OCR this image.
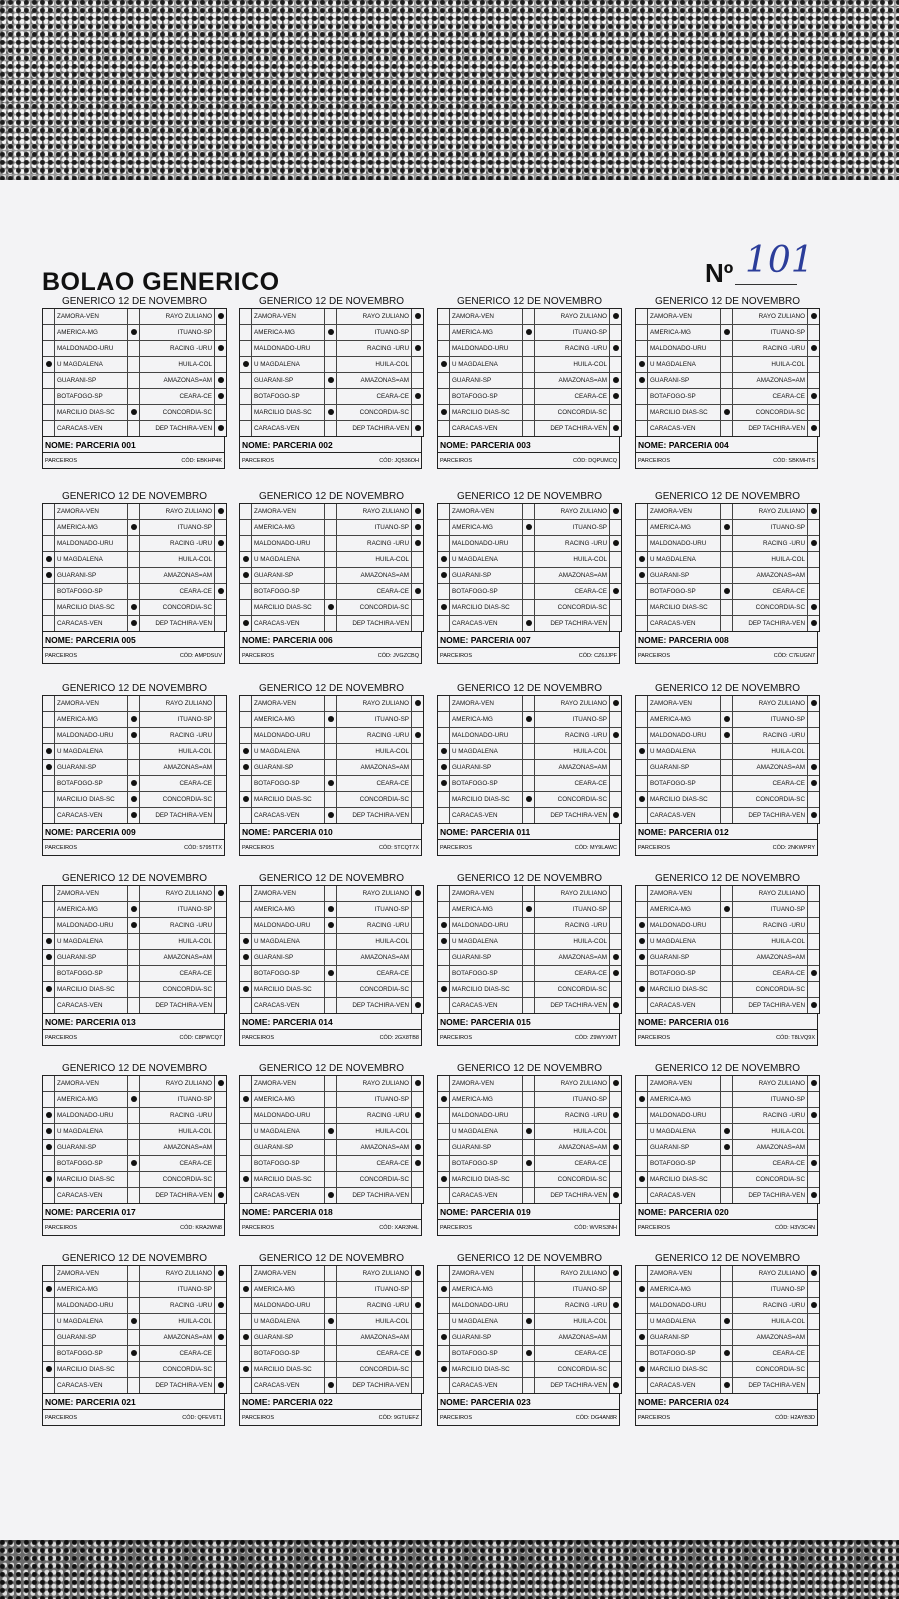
BOLAO GENERICO	Nº 101
GENERICO 12 DE NOVEMBRO
ZAMORA-VEN	RAYO ZULIANO
AMERICA-MG	ITUANO-SP
MALDONADO-URU	RACING -URU
U MAGDALENA	HUILA-COL
GUARANI-SP	AMAZONAS=AM
BOTAFOGO-SP	CEARA-CE
MARCILIO DIAS-SC	CONCORDIA-SC
CARACAS-VEN	DEP TACHIRA-VEN
NOME: PARCERIA 001
PARCEIROS	CÓD: EBKHP4K
GENERICO 12 DE NOVEMBRO
ZAMORA-VEN	RAYO ZULIANO
AMERICA-MG	ITUANO-SP
MALDONADO-URU	RACING -URU
U MAGDALENA	HUILA-COL
GUARANI-SP	AMAZONAS=AM
BOTAFOGO-SP	CEARA-CE
MARCILIO DIAS-SC	CONCORDIA-SC
CARACAS-VEN	DEP TACHIRA-VEN
NOME: PARCERIA 002
PARCEIROS	CÓD: JQ536OH
GENERICO 12 DE NOVEMBRO
ZAMORA-VEN	RAYO ZULIANO
AMERICA-MG	ITUANO-SP
MALDONADO-URU	RACING -URU
U MAGDALENA	HUILA-COL
GUARANI-SP	AMAZONAS=AM
BOTAFOGO-SP	CEARA-CE
MARCILIO DIAS-SC	CONCORDIA-SC
CARACAS-VEN	DEP TACHIRA-VEN
NOME: PARCERIA 003
PARCEIROS	CÓD: DQPUMCQ
GENERICO 12 DE NOVEMBRO
ZAMORA-VEN	RAYO ZULIANO
AMERICA-MG	ITUANO-SP
MALDONADO-URU	RACING -URU
U MAGDALENA	HUILA-COL
GUARANI-SP	AMAZONAS=AM
BOTAFOGO-SP	CEARA-CE
MARCILIO DIAS-SC	CONCORDIA-SC
CARACAS-VEN	DEP TACHIRA-VEN
NOME: PARCERIA 004
PARCEIROS	CÓD: SBKMHTS
GENERICO 12 DE NOVEMBRO
ZAMORA-VEN	RAYO ZULIANO
AMERICA-MG	ITUANO-SP
MALDONADO-URU	RACING -URU
U MAGDALENA	HUILA-COL
GUARANI-SP	AMAZONAS=AM
BOTAFOGO-SP	CEARA-CE
MARCILIO DIAS-SC	CONCORDIA-SC
CARACAS-VEN	DEP TACHIRA-VEN
NOME: PARCERIA 005
PARCEIROS	CÓD: AMPDSUV
GENERICO 12 DE NOVEMBRO
ZAMORA-VEN	RAYO ZULIANO
AMERICA-MG	ITUANO-SP
MALDONADO-URU	RACING -URU
U MAGDALENA	HUILA-COL
GUARANI-SP	AMAZONAS=AM
BOTAFOGO-SP	CEARA-CE
MARCILIO DIAS-SC	CONCORDIA-SC
CARACAS-VEN	DEP TACHIRA-VEN
NOME: PARCERIA 006
PARCEIROS	CÓD: JVGZCBQ
GENERICO 12 DE NOVEMBRO
ZAMORA-VEN	RAYO ZULIANO
AMERICA-MG	ITUANO-SP
MALDONADO-URU	RACING -URU
U MAGDALENA	HUILA-COL
GUARANI-SP	AMAZONAS=AM
BOTAFOGO-SP	CEARA-CE
MARCILIO DIAS-SC	CONCORDIA-SC
CARACAS-VEN	DEP TACHIRA-VEN
NOME: PARCERIA 007
PARCEIROS	CÓD: CZ6JJPF
GENERICO 12 DE NOVEMBRO
ZAMORA-VEN	RAYO ZULIANO
AMERICA-MG	ITUANO-SP
MALDONADO-URU	RACING -URU
U MAGDALENA	HUILA-COL
GUARANI-SP	AMAZONAS=AM
BOTAFOGO-SP	CEARA-CE
MARCILIO DIAS-SC	CONCORDIA-SC
CARACAS-VEN	DEP TACHIRA-VEN
NOME: PARCERIA 008
PARCEIROS	CÓD: C7EUGN7
GENERICO 12 DE NOVEMBRO
ZAMORA-VEN	RAYO ZULIANO
AMERICA-MG	ITUANO-SP
MALDONADO-URU	RACING -URU
U MAGDALENA	HUILA-COL
GUARANI-SP	AMAZONAS=AM
BOTAFOGO-SP	CEARA-CE
MARCILIO DIAS-SC	CONCORDIA-SC
CARACAS-VEN	DEP TACHIRA-VEN
NOME: PARCERIA 009
PARCEIROS	CÓD: 5795TTX
GENERICO 12 DE NOVEMBRO
ZAMORA-VEN	RAYO ZULIANO
AMERICA-MG	ITUANO-SP
MALDONADO-URU	RACING -URU
U MAGDALENA	HUILA-COL
GUARANI-SP	AMAZONAS=AM
BOTAFOGO-SP	CEARA-CE
MARCILIO DIAS-SC	CONCORDIA-SC
CARACAS-VEN	DEP TACHIRA-VEN
NOME: PARCERIA 010
PARCEIROS	CÓD: 5TCQT7X
GENERICO 12 DE NOVEMBRO
ZAMORA-VEN	RAYO ZULIANO
AMERICA-MG	ITUANO-SP
MALDONADO-URU	RACING -URU
U MAGDALENA	HUILA-COL
GUARANI-SP	AMAZONAS=AM
BOTAFOGO-SP	CEARA-CE
MARCILIO DIAS-SC	CONCORDIA-SC
CARACAS-VEN	DEP TACHIRA-VEN
NOME: PARCERIA 011
PARCEIROS	CÓD: MY9LAWC
GENERICO 12 DE NOVEMBRO
ZAMORA-VEN	RAYO ZULIANO
AMERICA-MG	ITUANO-SP
MALDONADO-URU	RACING -URU
U MAGDALENA	HUILA-COL
GUARANI-SP	AMAZONAS=AM
BOTAFOGO-SP	CEARA-CE
MARCILIO DIAS-SC	CONCORDIA-SC
CARACAS-VEN	DEP TACHIRA-VEN
NOME: PARCERIA 012
PARCEIROS	CÓD: 2NKWPRY
GENERICO 12 DE NOVEMBRO
ZAMORA-VEN	RAYO ZULIANO
AMERICA-MG	ITUANO-SP
MALDONADO-URU	RACING -URU
U MAGDALENA	HUILA-COL
GUARANI-SP	AMAZONAS=AM
BOTAFOGO-SP	CEARA-CE
MARCILIO DIAS-SC	CONCORDIA-SC
CARACAS-VEN	DEP TACHIRA-VEN
NOME: PARCERIA 013
PARCEIROS	CÓD: C8PWCQ7
GENERICO 12 DE NOVEMBRO
ZAMORA-VEN	RAYO ZULIANO
AMERICA-MG	ITUANO-SP
MALDONADO-URU	RACING -URU
U MAGDALENA	HUILA-COL
GUARANI-SP	AMAZONAS=AM
BOTAFOGO-SP	CEARA-CE
MARCILIO DIAS-SC	CONCORDIA-SC
CARACAS-VEN	DEP TACHIRA-VEN
NOME: PARCERIA 014
PARCEIROS	CÓD: 2GX8TB8
GENERICO 12 DE NOVEMBRO
ZAMORA-VEN	RAYO ZULIANO
AMERICA-MG	ITUANO-SP
MALDONADO-URU	RACING -URU
U MAGDALENA	HUILA-COL
GUARANI-SP	AMAZONAS=AM
BOTAFOGO-SP	CEARA-CE
MARCILIO DIAS-SC	CONCORDIA-SC
CARACAS-VEN	DEP TACHIRA-VEN
NOME: PARCERIA 015
PARCEIROS	CÓD: Z9WYXMT
GENERICO 12 DE NOVEMBRO
ZAMORA-VEN	RAYO ZULIANO
AMERICA-MG	ITUANO-SP
MALDONADO-URU	RACING -URU
U MAGDALENA	HUILA-COL
GUARANI-SP	AMAZONAS=AM
BOTAFOGO-SP	CEARA-CE
MARCILIO DIAS-SC	CONCORDIA-SC
CARACAS-VEN	DEP TACHIRA-VEN
NOME: PARCERIA 016
PARCEIROS	CÓD: T8LVQ9X
GENERICO 12 DE NOVEMBRO
ZAMORA-VEN	RAYO ZULIANO
AMERICA-MG	ITUANO-SP
MALDONADO-URU	RACING -URU
U MAGDALENA	HUILA-COL
GUARANI-SP	AMAZONAS=AM
BOTAFOGO-SP	CEARA-CE
MARCILIO DIAS-SC	CONCORDIA-SC
CARACAS-VEN	DEP TACHIRA-VEN
NOME: PARCERIA 017
PARCEIROS	CÓD: KRA2WN8
GENERICO 12 DE NOVEMBRO
ZAMORA-VEN	RAYO ZULIANO
AMERICA-MG	ITUANO-SP
MALDONADO-URU	RACING -URU
U MAGDALENA	HUILA-COL
GUARANI-SP	AMAZONAS=AM
BOTAFOGO-SP	CEARA-CE
MARCILIO DIAS-SC	CONCORDIA-SC
CARACAS-VEN	DEP TACHIRA-VEN
NOME: PARCERIA 018
PARCEIROS	CÓD: XAR3N4L
GENERICO 12 DE NOVEMBRO
ZAMORA-VEN	RAYO ZULIANO
AMERICA-MG	ITUANO-SP
MALDONADO-URU	RACING -URU
U MAGDALENA	HUILA-COL
GUARANI-SP	AMAZONAS=AM
BOTAFOGO-SP	CEARA-CE
MARCILIO DIAS-SC	CONCORDIA-SC
CARACAS-VEN	DEP TACHIRA-VEN
NOME: PARCERIA 019
PARCEIROS	CÓD: WVRS3NH
GENERICO 12 DE NOVEMBRO
ZAMORA-VEN	RAYO ZULIANO
AMERICA-MG	ITUANO-SP
MALDONADO-URU	RACING -URU
U MAGDALENA	HUILA-COL
GUARANI-SP	AMAZONAS=AM
BOTAFOGO-SP	CEARA-CE
MARCILIO DIAS-SC	CONCORDIA-SC
CARACAS-VEN	DEP TACHIRA-VEN
NOME: PARCERIA 020
PARCEIROS	CÓD: H3V3C4N
GENERICO 12 DE NOVEMBRO
ZAMORA-VEN	RAYO ZULIANO
AMERICA-MG	ITUANO-SP
MALDONADO-URU	RACING -URU
U MAGDALENA	HUILA-COL
GUARANI-SP	AMAZONAS=AM
BOTAFOGO-SP	CEARA-CE
MARCILIO DIAS-SC	CONCORDIA-SC
CARACAS-VEN	DEP TACHIRA-VEN
NOME: PARCERIA 021
PARCEIROS	CÓD: QFEV6T1
GENERICO 12 DE NOVEMBRO
ZAMORA-VEN	RAYO ZULIANO
AMERICA-MG	ITUANO-SP
MALDONADO-URU	RACING -URU
U MAGDALENA	HUILA-COL
GUARANI-SP	AMAZONAS=AM
BOTAFOGO-SP	CEARA-CE
MARCILIO DIAS-SC	CONCORDIA-SC
CARACAS-VEN	DEP TACHIRA-VEN
NOME: PARCERIA 022
PARCEIROS	CÓD: 9GTUEFZ
GENERICO 12 DE NOVEMBRO
ZAMORA-VEN	RAYO ZULIANO
AMERICA-MG	ITUANO-SP
MALDONADO-URU	RACING -URU
U MAGDALENA	HUILA-COL
GUARANI-SP	AMAZONAS=AM
BOTAFOGO-SP	CEARA-CE
MARCILIO DIAS-SC	CONCORDIA-SC
CARACAS-VEN	DEP TACHIRA-VEN
NOME: PARCERIA 023
PARCEIROS	CÓD: DG4AN8R
GENERICO 12 DE NOVEMBRO
ZAMORA-VEN	RAYO ZULIANO
AMERICA-MG	ITUANO-SP
MALDONADO-URU	RACING -URU
U MAGDALENA	HUILA-COL
GUARANI-SP	AMAZONAS=AM
BOTAFOGO-SP	CEARA-CE
MARCILIO DIAS-SC	CONCORDIA-SC
CARACAS-VEN	DEP TACHIRA-VEN
NOME: PARCERIA 024
PARCEIROS	CÓD: H2AYB3D
